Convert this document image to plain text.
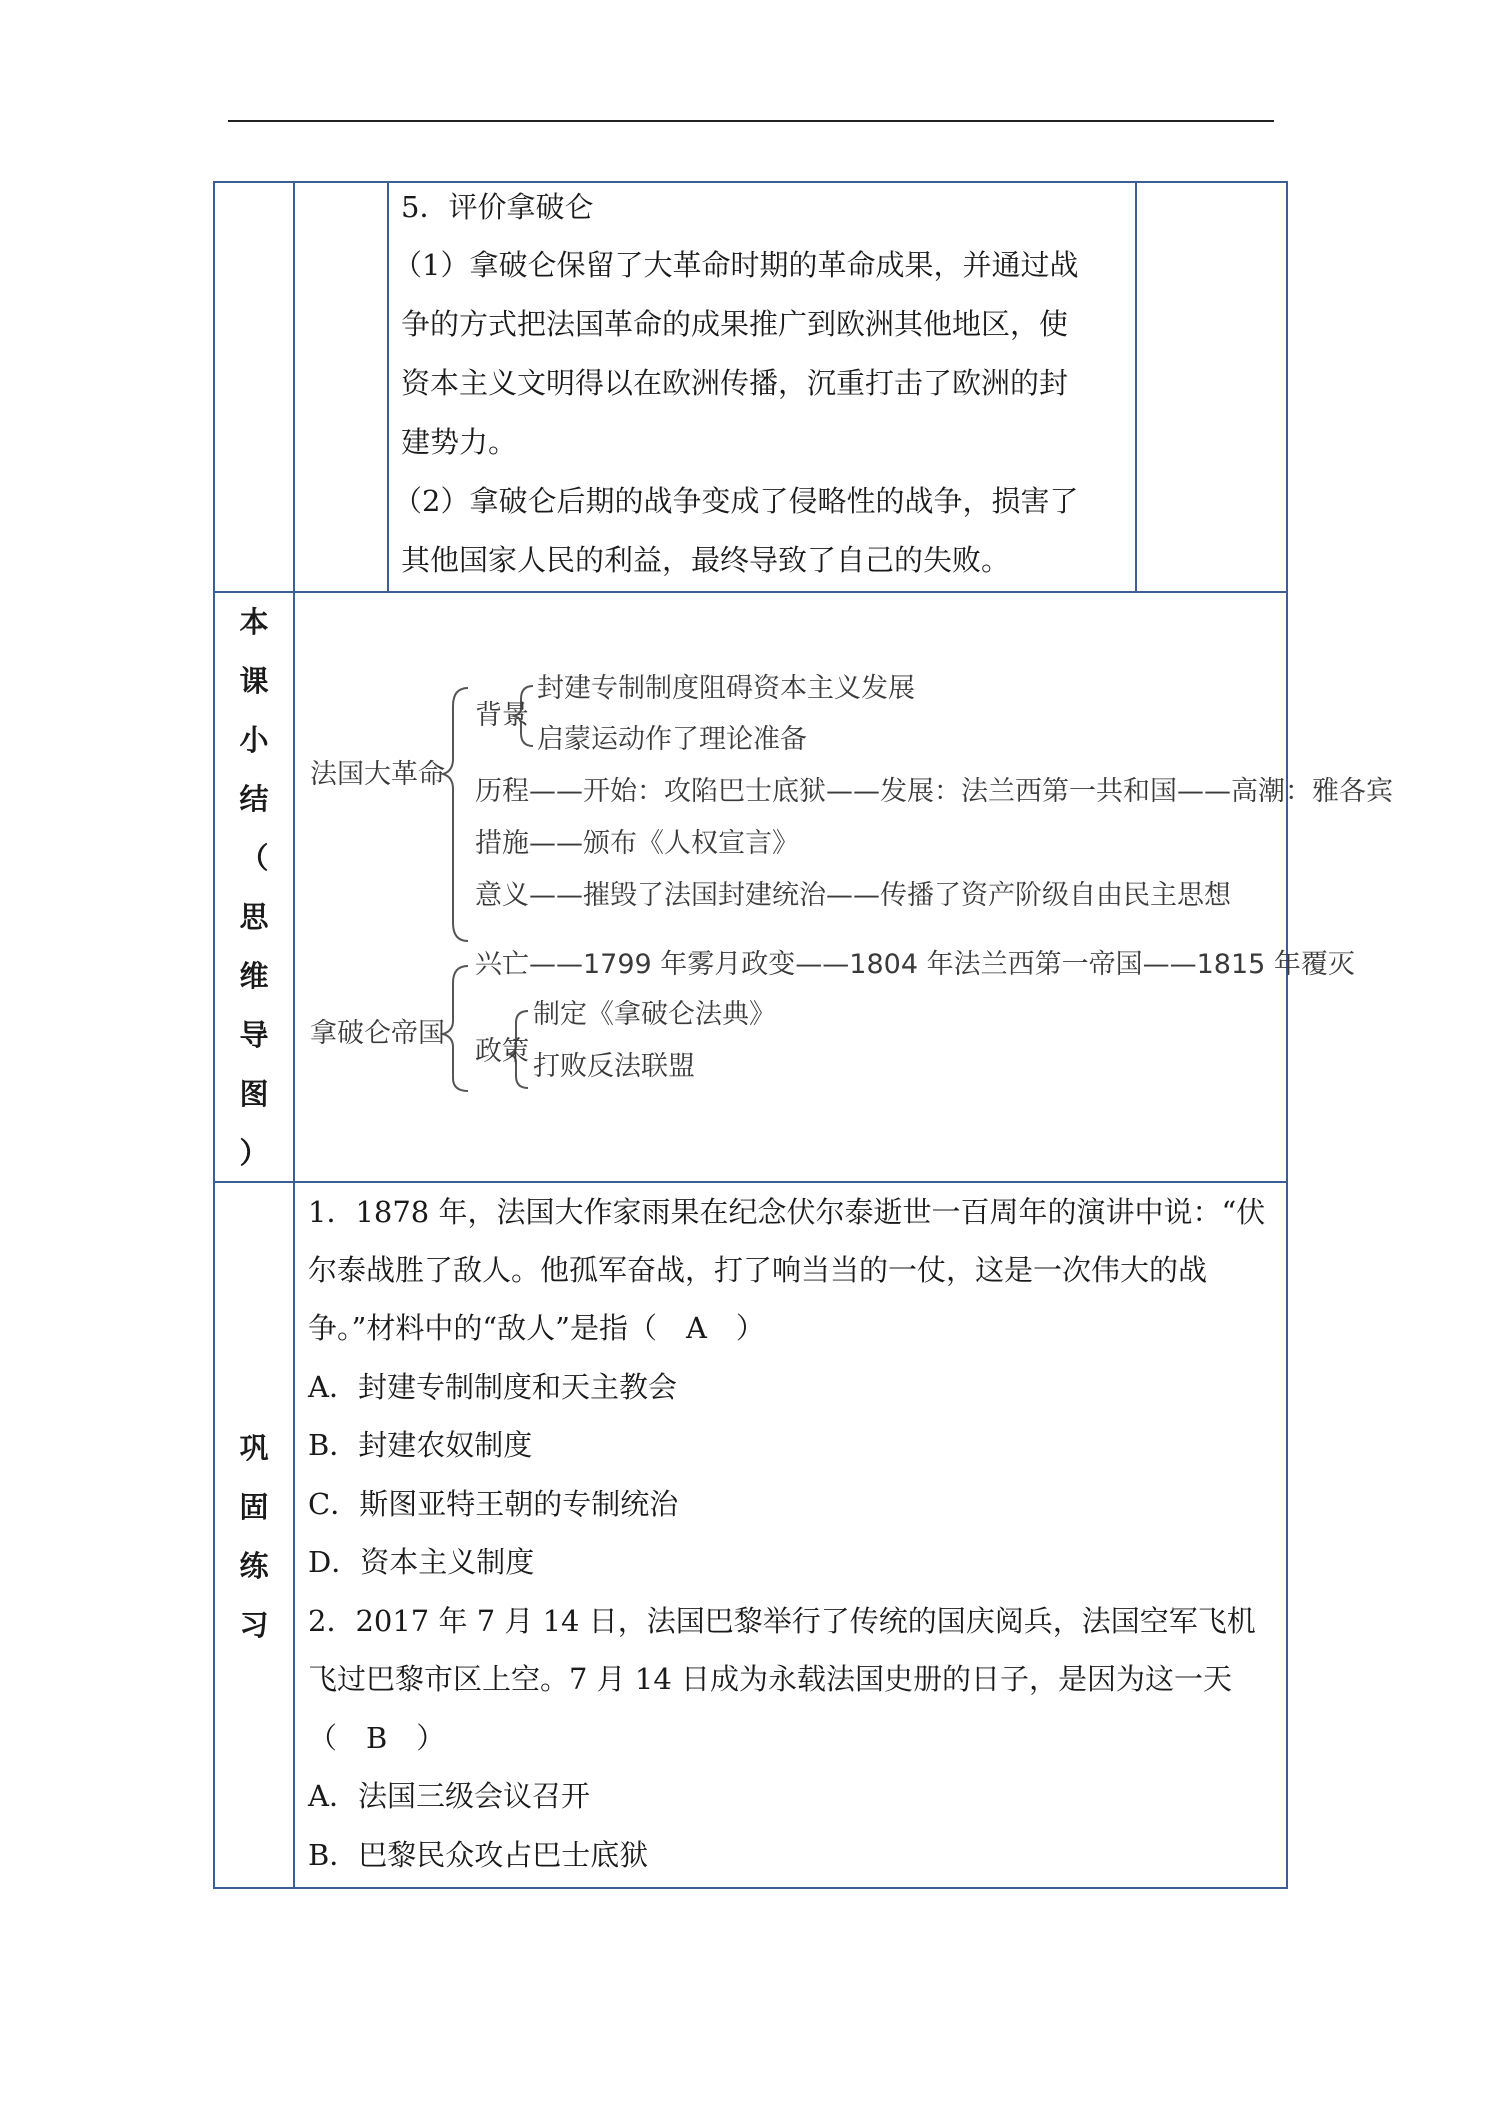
5．评价拿破仑
（1）拿破仑保留了大革命时期的革命成果，并通过战
争的方式把法国革命的成果推广到欧洲其他地区，使
资本主义文明得以在欧洲传播，沉重打击了欧洲的封
建势力。
（2）拿破仑后期的战争变成了侵略性的战争，损害了
其他国家人民的利益，最终导致了自己的失败。
本
课
小
结
（
思
维
导
图
）
法国大革命
背景
封建专制制度阻碍资本主义发展
启蒙运动作了理论准备
历程——开始：攻陷巴士底狱——发展：法兰西第一共和国——高潮：雅各宾
措施——颁布《人权宣言》
意义——摧毁了法国封建统治——传播了资产阶级自由民主思想
拿破仑帝国
兴亡——1799 年雾月政变——1804 年法兰西第一帝国——1815 年覆灭
政策
制定《拿破仑法典》
打败反法联盟
巩
固
练
习
1．1878 年，法国大作家雨果在纪念伏尔泰逝世一百周年的演讲中说：“伏
尔泰战胜了敌人。他孤军奋战，打了响当当的一仗，这是一次伟大的战
争。”材料中的“敌人”是指（　A　）
A．封建专制制度和天主教会
B．封建农奴制度
C．斯图亚特王朝的专制统治
D．资本主义制度
2．2017 年 7 月 14 日，法国巴黎举行了传统的国庆阅兵，法国空军飞机
飞过巴黎市区上空。7 月 14 日成为永载法国史册的日子，是因为这一天
（　B　）
A．法国三级会议召开
B．巴黎民众攻占巴士底狱
